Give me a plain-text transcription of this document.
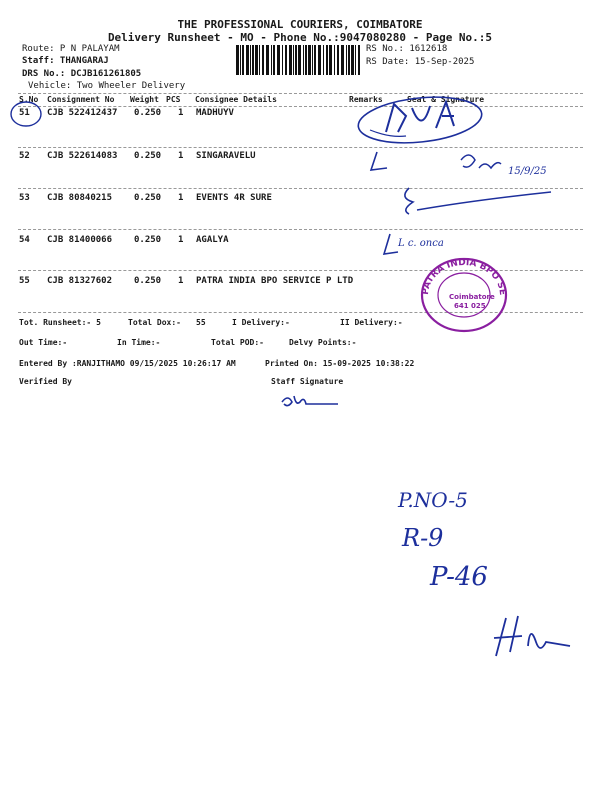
THE PROFESSIONAL COURIERS, COIMBATORE
Delivery Runsheet - MO - Phone No.:9047080280 - Page No.:5
Route: P N PALAYAM
Staff: THANGARAJ
DRS No.: DCJB161261805
Vehicle: Two Wheeler Delivery
RS No.: 1612618
RS Date: 15-Sep-2025
S.No Consignment No Weight PCS Consignee Details	Remarks	Seal & Signature
51 CJB 522412437 0.250 1 MADHUYV
52 CJB 522614083 0.250 1 SINGARAVELU
53 CJB 80840215 0.250 1 EVENTS 4R SURE
54 CJB 81400066 0.250 1 AGALYA
55 CJB 81327602 0.250 1 PATRA INDIA BPO SERVICE P LTD
Tot. Runsheet:- 5	Total Dox:- 55	I Delivery:-	II Delivery:-
Out Time:-	In Time:-	Total POD:-	Delvy Points:-
Entered By :RANJITHAMO 09/15/2025 10:26:17 AM	Printed On: 15-09-2025 10:38:22
Verified By	Staff Signature
15/9/25
L c. onca
PATRA INDIA BPO SERVICES
Coimbatore
641 025
P.NO-5
R-9
P-46
